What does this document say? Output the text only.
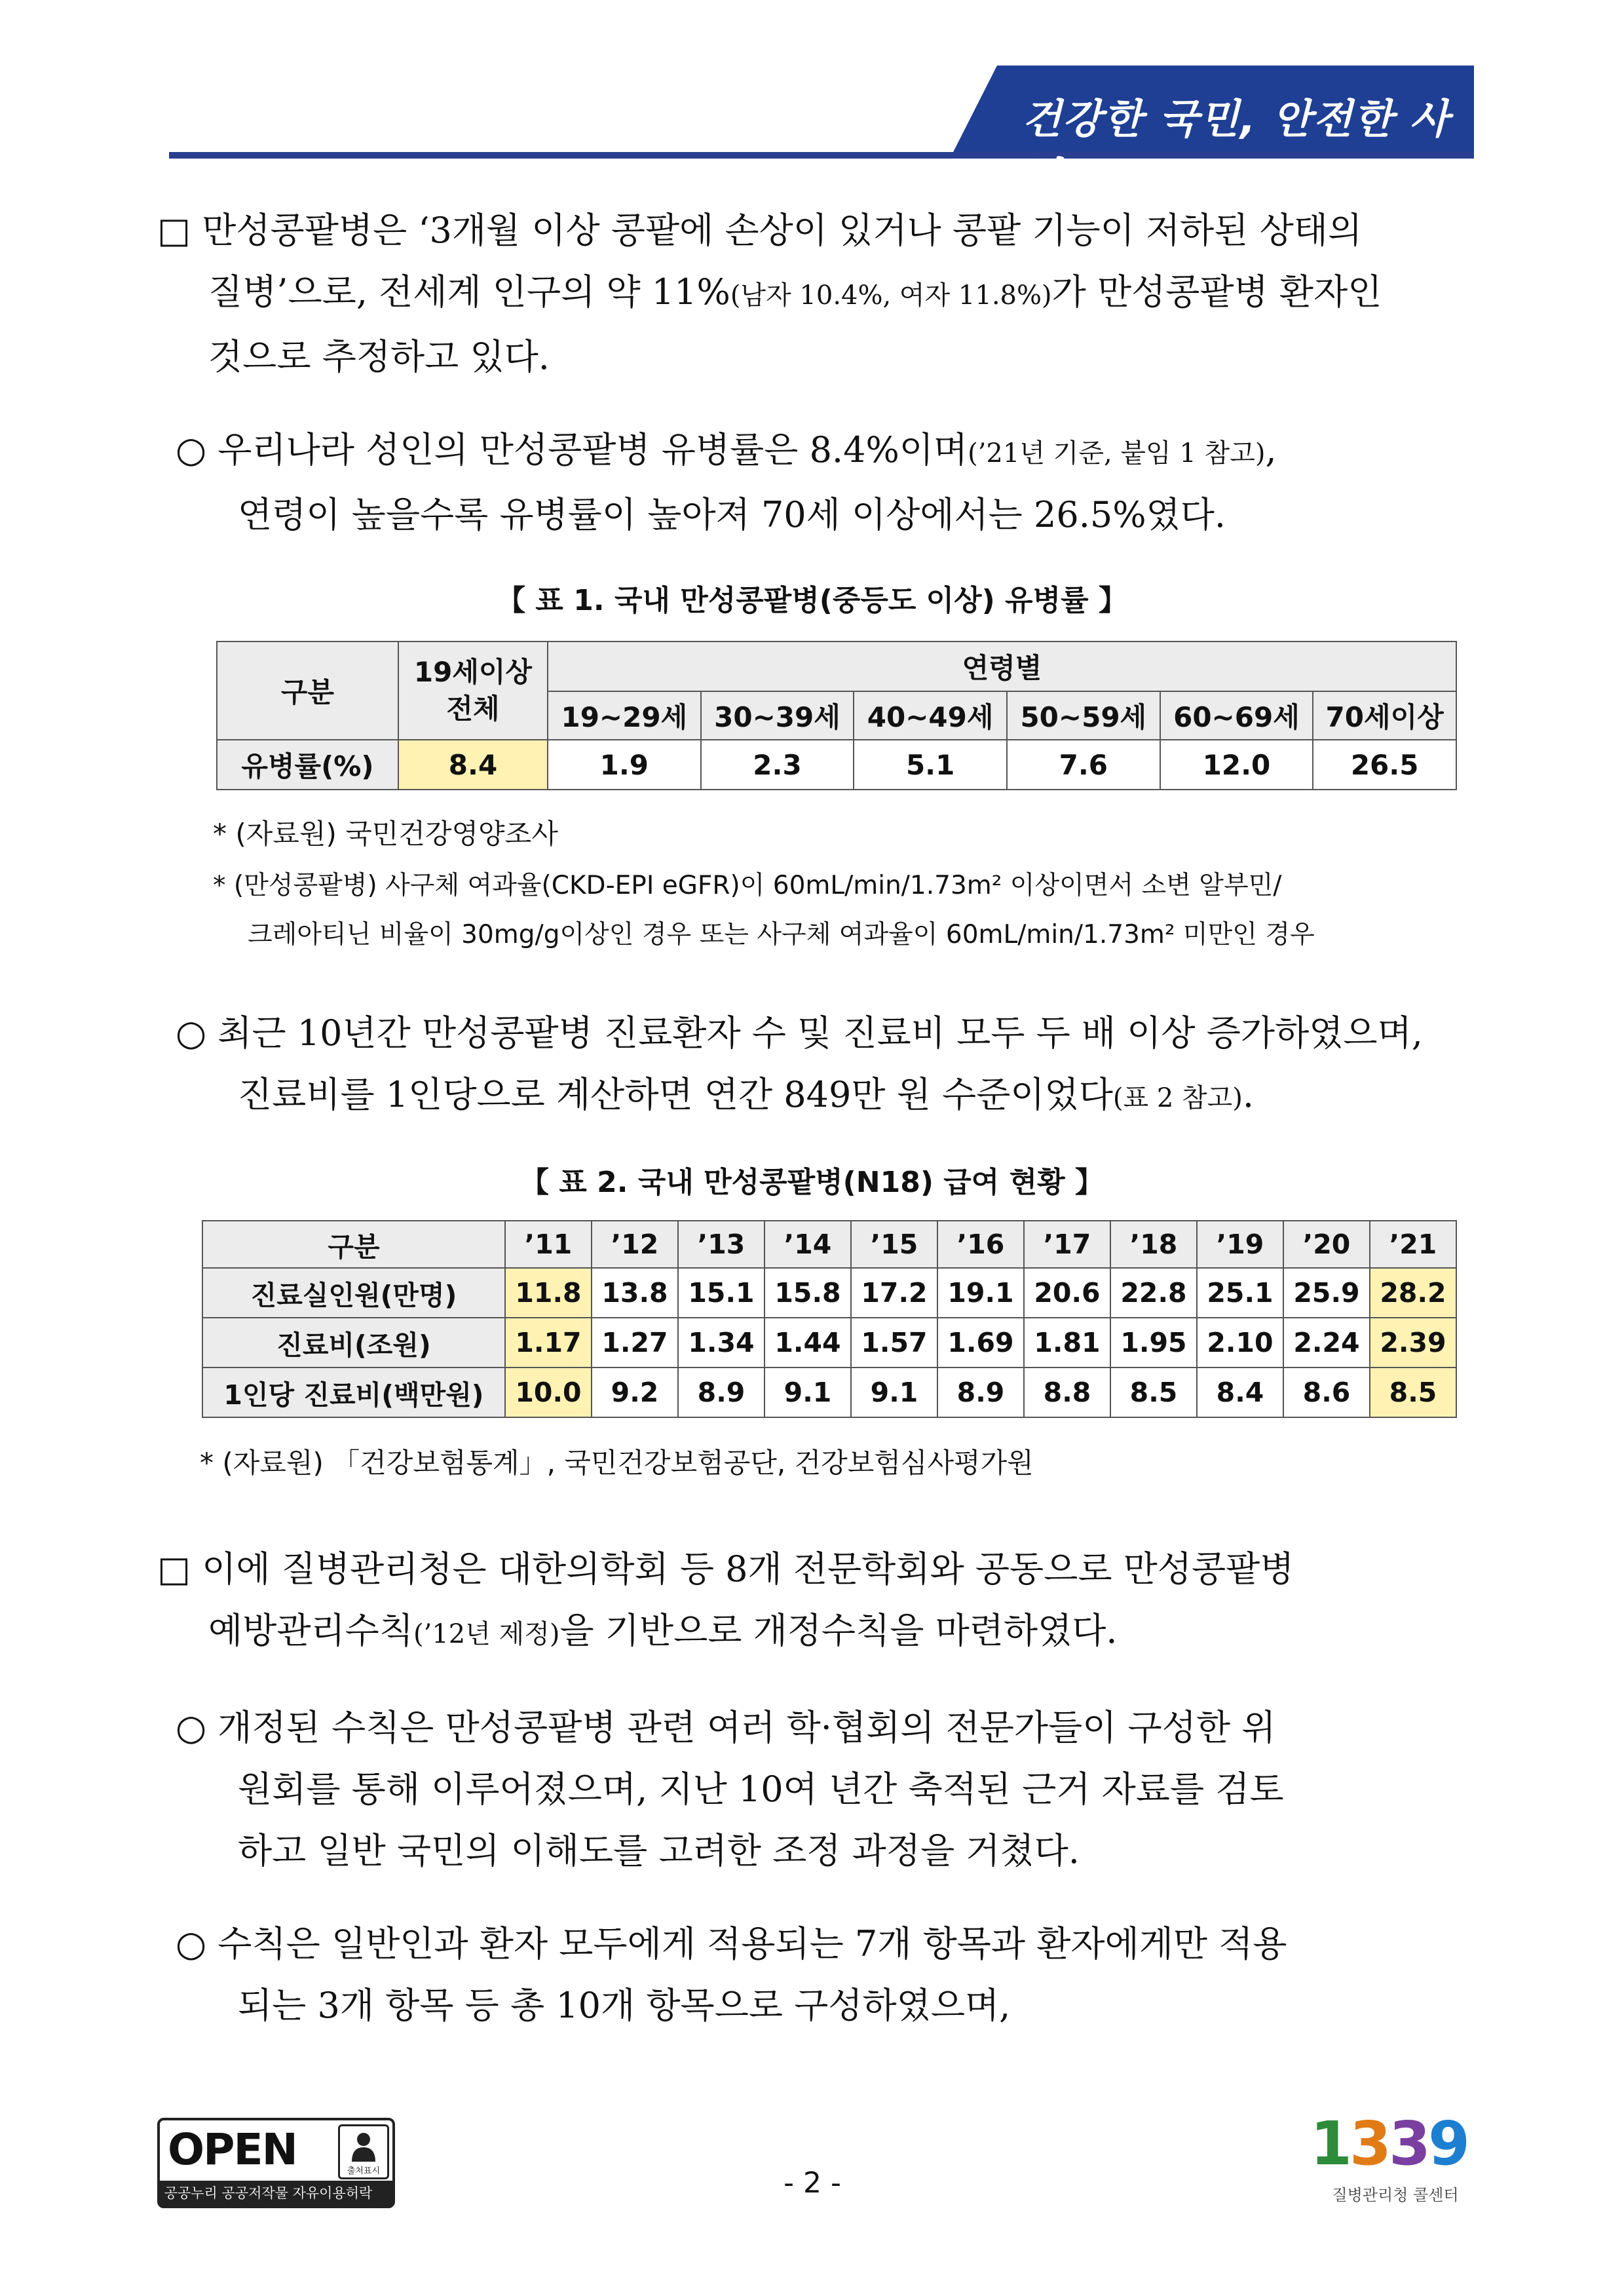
건강한 국민, 안전한 사회
□ 만성콩팥병은 ‘3개월 이상 콩팥에 손상이 있거나 콩팥 기능이 저하된 상태의
질병’으로, 전세계 인구의 약 11%(남자 10.4%, 여자 11.8%)가 만성콩팥병 환자인
것으로 추정하고 있다.
○ 우리나라 성인의 만성콩팥병 유병률은 8.4%이며(’21년 기준, 붙임 1 참고),
연령이 높을수록 유병률이 높아져 70세 이상에서는 26.5%였다.
【 표 1. 국내 만성콩팥병(중등도 이상) 유병률 】
구분	19세이상 전체	연령별					
		19~29세	30~39세	40~49세	50~59세	60~69세	70세이상
유병률(%)	8.4	1.9	2.3	5.1	7.6	12.0	26.5
* (자료원) 국민건강영양조사
* (만성콩팥병) 사구체 여과율(CKD-EPI eGFR)이 60mL/min/1.73m² 이상이면서 소변 알부민/
크레아티닌 비율이 30mg/g이상인 경우 또는 사구체 여과율이 60mL/min/1.73m² 미만인 경우
○ 최근 10년간 만성콩팥병 진료환자 수 및 진료비 모두 두 배 이상 증가하였으며,
진료비를 1인당으로 계산하면 연간 849만 원 수준이었다(표 2 참고).
【 표 2. 국내 만성콩팥병(N18) 급여 현황 】
구분	’11	’12	’13	’14	’15	’16	’17	’18	’19	’20	’21
진료실인원(만명)	11.8	13.8	15.1	15.8	17.2	19.1	20.6	22.8	25.1	25.9	28.2
진료비(조원)	1.17	1.27	1.34	1.44	1.57	1.69	1.81	1.95	2.10	2.24	2.39
1인당 진료비(백만원)	10.0	9.2	8.9	9.1	9.1	8.9	8.8	8.5	8.4	8.6	8.5
* (자료원) 「건강보험통계」, 국민건강보험공단, 건강보험심사평가원
□ 이에 질병관리청은 대한의학회 등 8개 전문학회와 공동으로 만성콩팥병
예방관리수칙(’12년 제정)을 기반으로 개정수칙을 마련하였다.
○ 개정된 수칙은 만성콩팥병 관련 여러 학·협회의 전문가들이 구성한 위
원회를 통해 이루어졌으며, 지난 10여 년간 축적된 근거 자료를 검토
하고 일반 국민의 이해도를 고려한 조정 과정을 거쳤다.
○ 수칙은 일반인과 환자 모두에게 적용되는 7개 항목과 환자에게만 적용
되는 3개 항목 등 총 10개 항목으로 구성하였으며,
OPEN	출처표시
공공누리 공공저작물 자유이용허락	- 2 -
1339
질병관리청 콜센터
